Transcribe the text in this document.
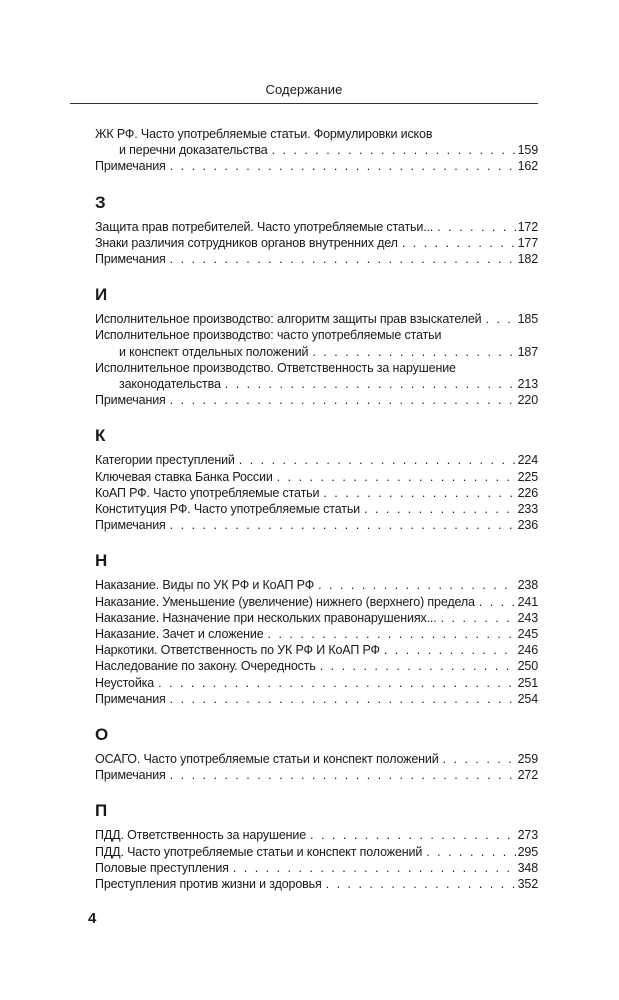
Содержание
ЖК РФ. Часто употребляемые статьи. Формулировки исков
и перечни доказательства . . .	159
Примечания . . .	162
З
Защита прав потребителей. Часто употребляемые статьи... . . .	172
Знаки различия сотрудников органов внутренних дел . . .	177
Примечания . . .	182
И
Исполнительное производство: алгоритм защиты прав взыскателей . . .	185
Исполнительное производство: часто употребляемые статьи
и конспект отдельных положений . . .	187
Исполнительное производство. Ответственность за нарушение
законодательства . . .	213
Примечания . . .	220
К
Категории преступлений . . .	224
Ключевая ставка Банка России . . .	225
КоАП РФ. Часто употребляемые статьи . . .	226
Конституция РФ. Часто употребляемые статьи . . .	233
Примечания . . .	236
Н
Наказание. Виды по УК РФ и КоАП РФ . . .	238
Наказание. Уменьшение (увеличение) нижнего (верхнего) предела . . .	241
Наказание. Назначение при нескольких правонарушениях... . . .	243
Наказание. Зачет и сложение . . .	245
Наркотики. Ответственность по УК РФ И КоАП РФ . . .	246
Наследование по закону. Очередность . . .	250
Неустойка . . .	251
Примечания . . .	254
О
ОСАГО. Часто употребляемые статьи и конспект положений . . .	259
Примечания . . .	272
П
ПДД. Ответственность за нарушение . . .	273
ПДД. Часто употребляемые статьи и конспект положений . . .	295
Половые преступления . . .	348
Преступления против жизни и здоровья . . .	352
4
